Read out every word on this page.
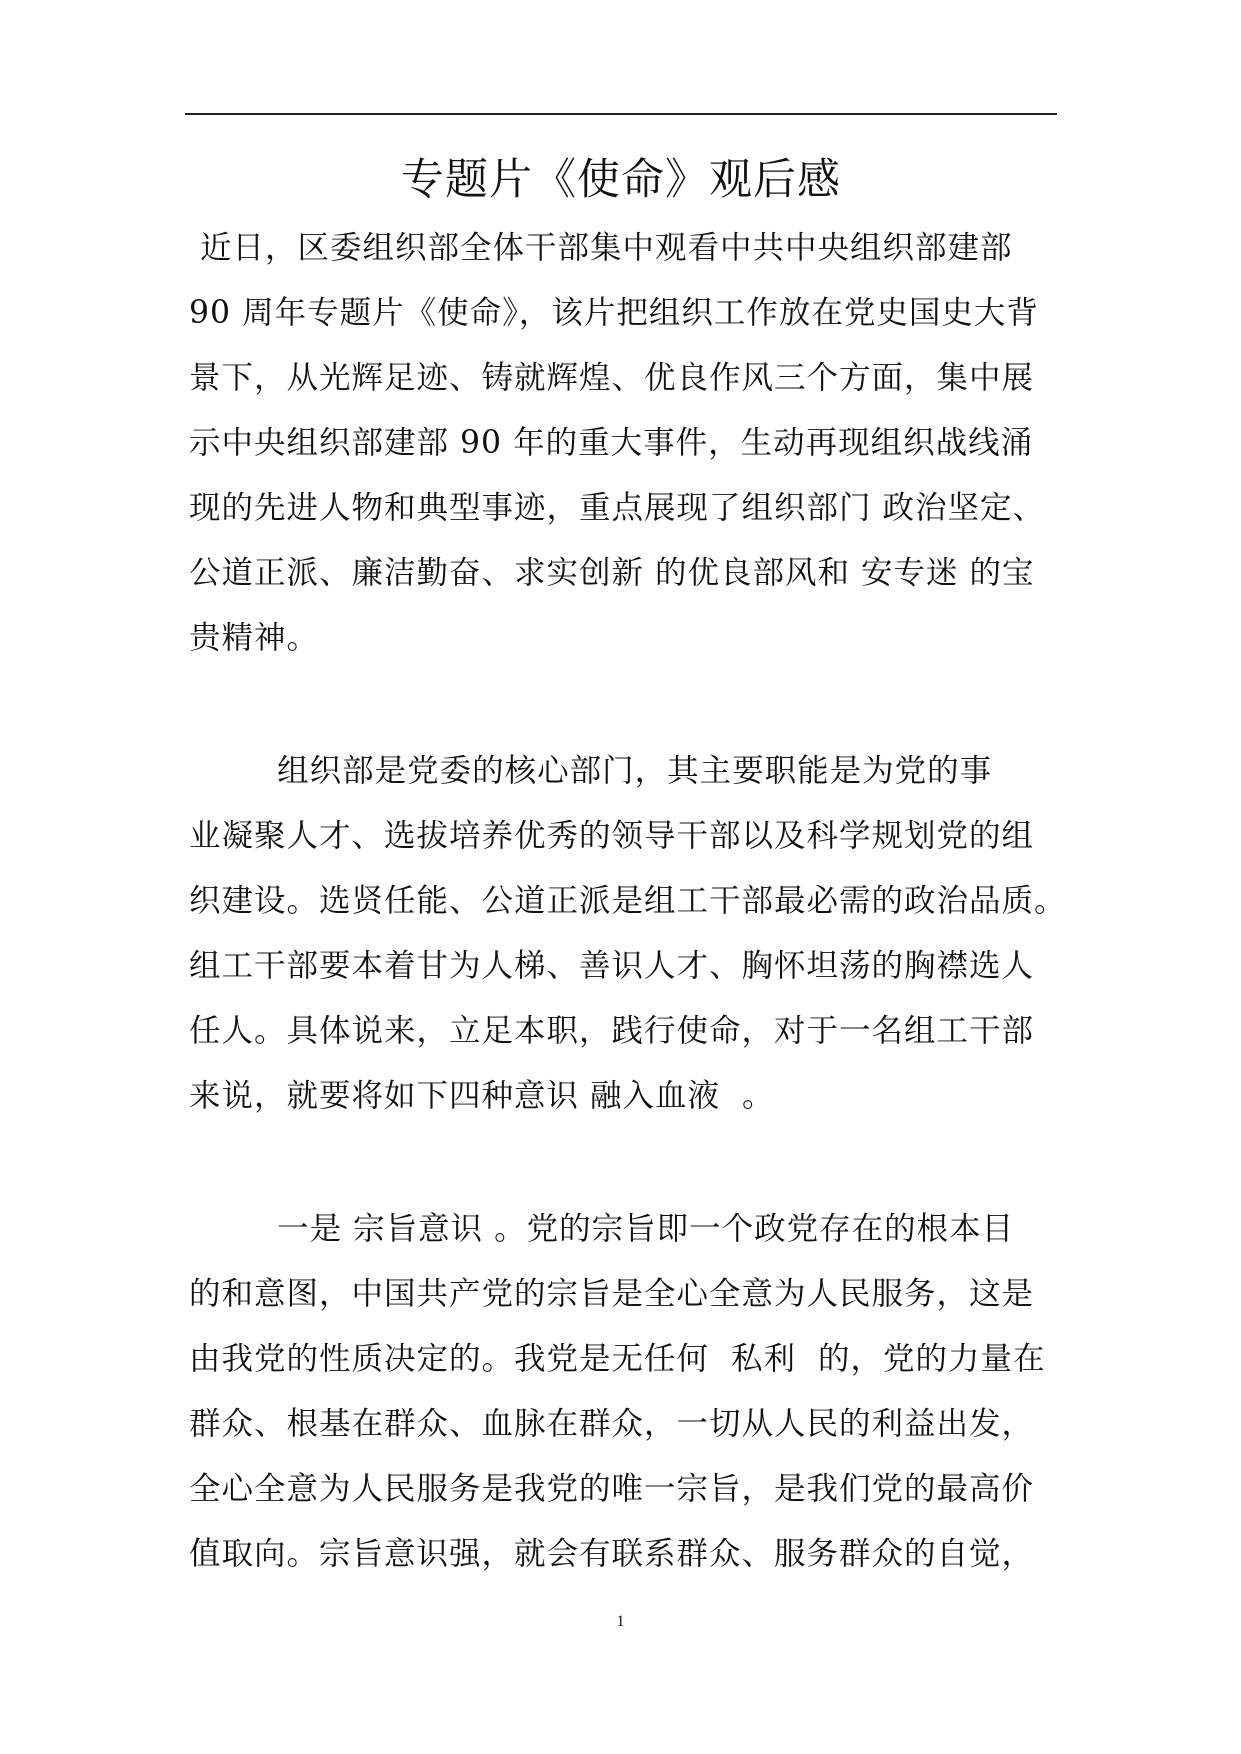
专题片《使命》观后感

近日，区委组织部全体干部集中观看中共中央组织部建部

90 周年专题片《使命》，该片把组织工作放在党史国史大背

景下，从光辉足迹、铸就辉煌、优良作风三个方面，集中展

示中央组织部建部 90 年的重大事件，生动再现组织战线涌

现的先进人物和典型事迹，重点展现了组织部门 政治坚定、

公道正派、廉洁勤奋、求实创新 的优良部风和 安专迷 的宝

贵精神。

组织部是党委的核心部门，其主要职能是为党的事

业凝聚人才、选拔培养优秀的领导干部以及科学规划党的组

织建设。选贤任能、公道正派是组工干部最必需的政治品质。

组工干部要本着甘为人梯、善识人才、胸怀坦荡的胸襟选人

任人。具体说来，立足本职，践行使命，对于一名组工干部

来说，就要将如下四种意识 融入血液  。

一是 宗旨意识 。党的宗旨即一个政党存在的根本目

的和意图，中国共产党的宗旨是全心全意为人民服务，这是

由我党的性质决定的。我党是无任何  私利  的，党的力量在

群众、根基在群众、血脉在群众，一切从人民的利益出发，

全心全意为人民服务是我党的唯一宗旨，是我们党的最高价

值取向。宗旨意识强，就会有联系群众、服务群众的自觉，

1
